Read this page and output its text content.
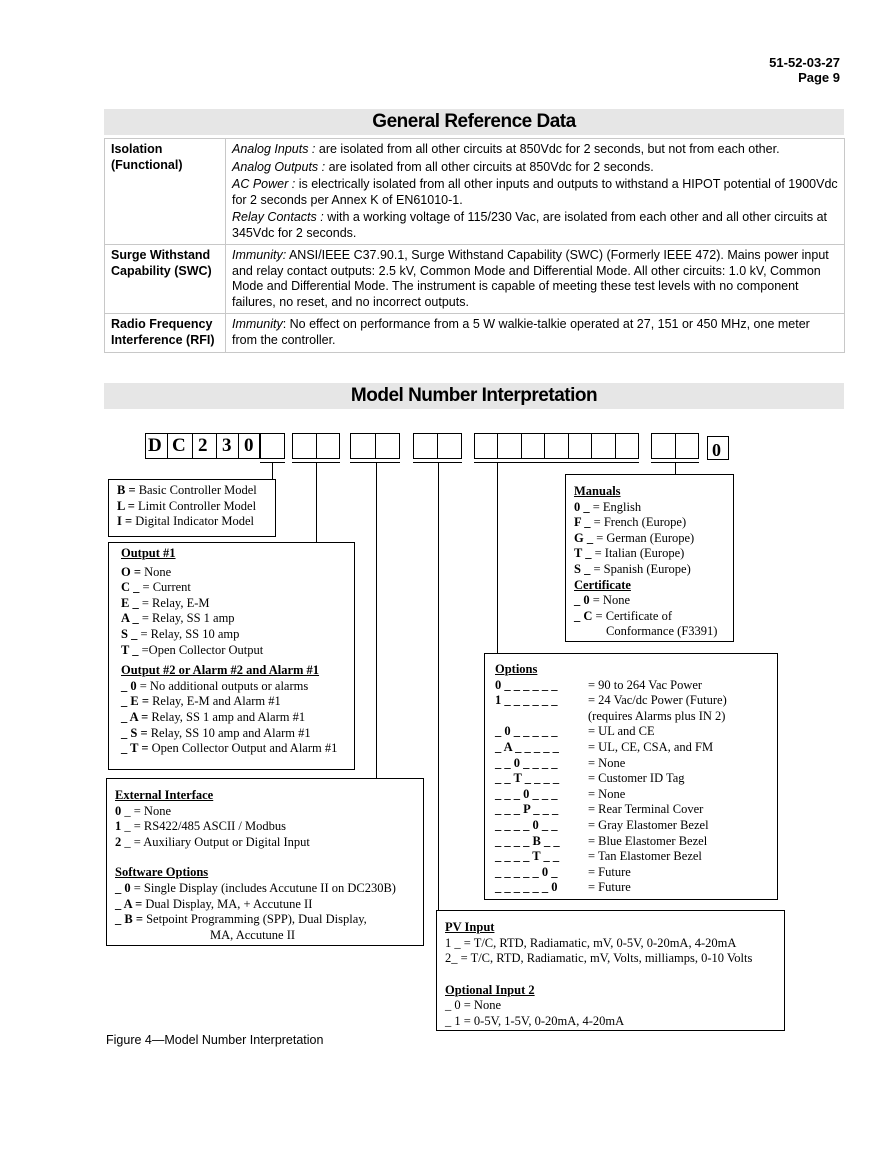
51-52-03-27
Page 9
General Reference Data
Isolation (Functional)	Analog Inputs : are isolated from all other circuits at 850Vdc for 2 seconds, but not from each other.

Analog Outputs : are isolated from all other circuits at 850Vdc for 2 seconds.

AC Power : is electrically isolated from all other inputs and outputs to withstand a HIPOT potential of 1900Vdc for 2 seconds per Annex K of EN61010-1.

Relay Contacts : with a working voltage of 115/230 Vac, are isolated from each other and all other circuits at 345Vdc for 2 seconds.

Surge Withstand Capability (SWC)	Immunity: ANSI/IEEE C37.90.1, Surge Withstand Capability (SWC) (Formerly IEEE 472). Mains power input and relay contact outputs: 2.5 kV, Common Mode and Differential Mode. All other circuits: 1.0 kV, Common Mode and Differential Mode. The instrument is capable of meeting these test levels with no component failures, no reset, and no incorrect outputs.

Radio Frequency Interference (RFI)	Immunity: No effect on performance from a 5 W walkie-talkie operated at 27, 151 or 450 MHz, one meter from the controller.

Model Number Interpretation
D C 2 3 0	0
B = Basic Controller Model
L = Limit Controller Model
I = Digital Indicator Model
Output #1
O = None
C _ = Current
E _ = Relay, E-M
A _ = Relay, SS 1 amp
S _ = Relay, SS 10 amp
T _ =Open Collector Output
Output #2 or Alarm #2 and Alarm #1
_ 0 = No additional outputs or alarms
_ E = Relay, E-M and Alarm #1
_ A = Relay, SS 1 amp and Alarm #1
_ S = Relay, SS 10 amp and Alarm #1
_ T = Open Collector Output and Alarm #1
External Interface
0 _ = None
1 _ = RS422/485 ASCII / Modbus
2 _ = Auxiliary Output or Digital Input
Software Options
_ 0 = Single Display (includes Accutune II on DC230B)
_ A = Dual Display, MA, + Accutune II
_ B = Setpoint Programming (SPP), Dual Display,
MA, Accutune II
Manuals
0 _ = English
F _ = French (Europe)
G _ = German (Europe)
T _ = Italian (Europe)
S _ = Spanish (Europe)
Certificate
_ 0 = None
_ C = Certificate of
Conformance (F3391)
Options
0 _ _ _ _ _ _	= 90 to 264 Vac Power
1 _ _ _ _ _ _	= 24 Vac/dc Power (Future)
(requires Alarms plus IN 2)
_ 0 _ _ _ _ _	= UL and CE
_ A _ _ _ _ _	= UL, CE, CSA, and FM
_ _ 0 _ _ _ _	= None
_ _ T _ _ _ _	= Customer ID Tag
_ _ _ 0 _ _ _	= None
_ _ _ P _ _ _	= Rear Terminal Cover
_ _ _ _ 0 _ _	= Gray Elastomer Bezel
_ _ _ _ B _ _	= Blue Elastomer Bezel
_ _ _ _ T _ _	= Tan Elastomer Bezel
_ _ _ _ _ 0 _	= Future
_ _ _ _ _ _ 0	= Future
PV Input
1 _ = T/C, RTD, Radiamatic, mV, 0-5V, 0-20mA, 4-20mA
2_ = T/C, RTD, Radiamatic, mV, Volts, milliamps, 0-10 Volts
Optional Input 2
_ 0 = None
_ 1 = 0-5V, 1-5V, 0-20mA, 4-20mA
Figure 4—Model Number Interpretation
